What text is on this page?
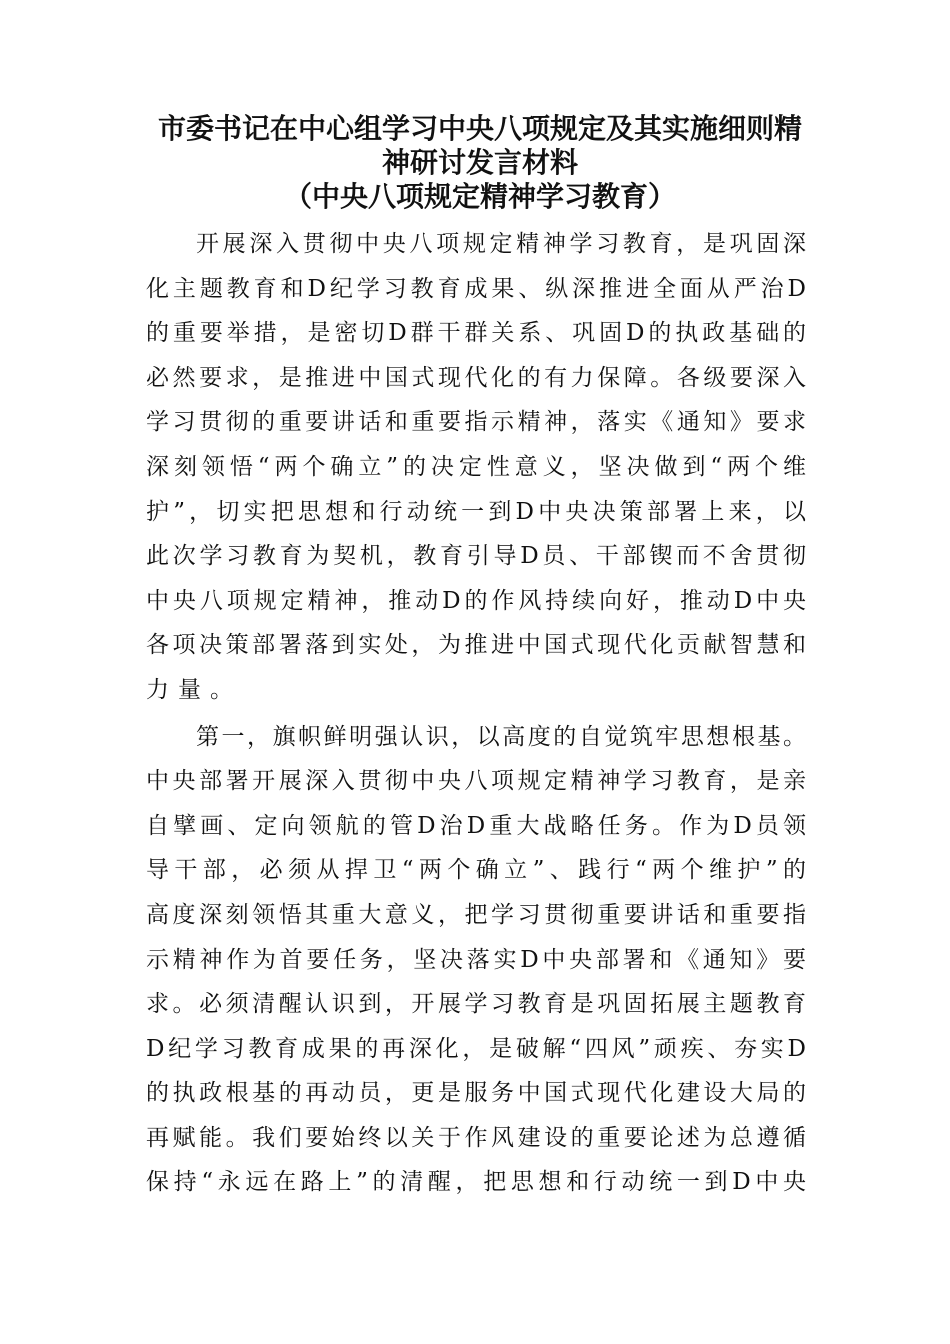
市委书记在中心组学习中央八项规定及其实施细则精
神研讨发言材料
（中央八项规定精神学习教育）
开展深入贯彻中央八项规定精神学习教育，是巩固深
化主题教育和D纪学习教育成果、纵深推进全面从严治D
的重要举措，是密切D群干群关系、巩固D的执政基础的
必然要求，是推进中国式现代化的有力保障。各级要深入
学习贯彻的重要讲话和重要指示精神，落实《通知》要求
深刻领悟“两个确立”的决定性意义，坚决做到“两个维
护”，切实把思想和行动统一到D中央决策部署上来，以
此次学习教育为契机，教育引导D员、干部锲而不舍贯彻
中央八项规定精神，推动D的作风持续向好，推动D中央
各项决策部署落到实处，为推进中国式现代化贡献智慧和
力量。
第一，旗帜鲜明强认识，以高度的自觉筑牢思想根基。
中央部署开展深入贯彻中央八项规定精神学习教育，是亲
自擘画、定向领航的管D治D重大战略任务。作为D员领
导干部，必须从捍卫“两个确立”、践行“两个维护”的
高度深刻领悟其重大意义，把学习贯彻重要讲话和重要指
示精神作为首要任务，坚决落实D中央部署和《通知》要
求。必须清醒认识到，开展学习教育是巩固拓展主题教育
D纪学习教育成果的再深化，是破解“四风”顽疾、夯实D
的执政根基的再动员，更是服务中国式现代化建设大局的
再赋能。我们要始终以关于作风建设的重要论述为总遵循
保持“永远在路上”的清醒，把思想和行动统一到D中央
